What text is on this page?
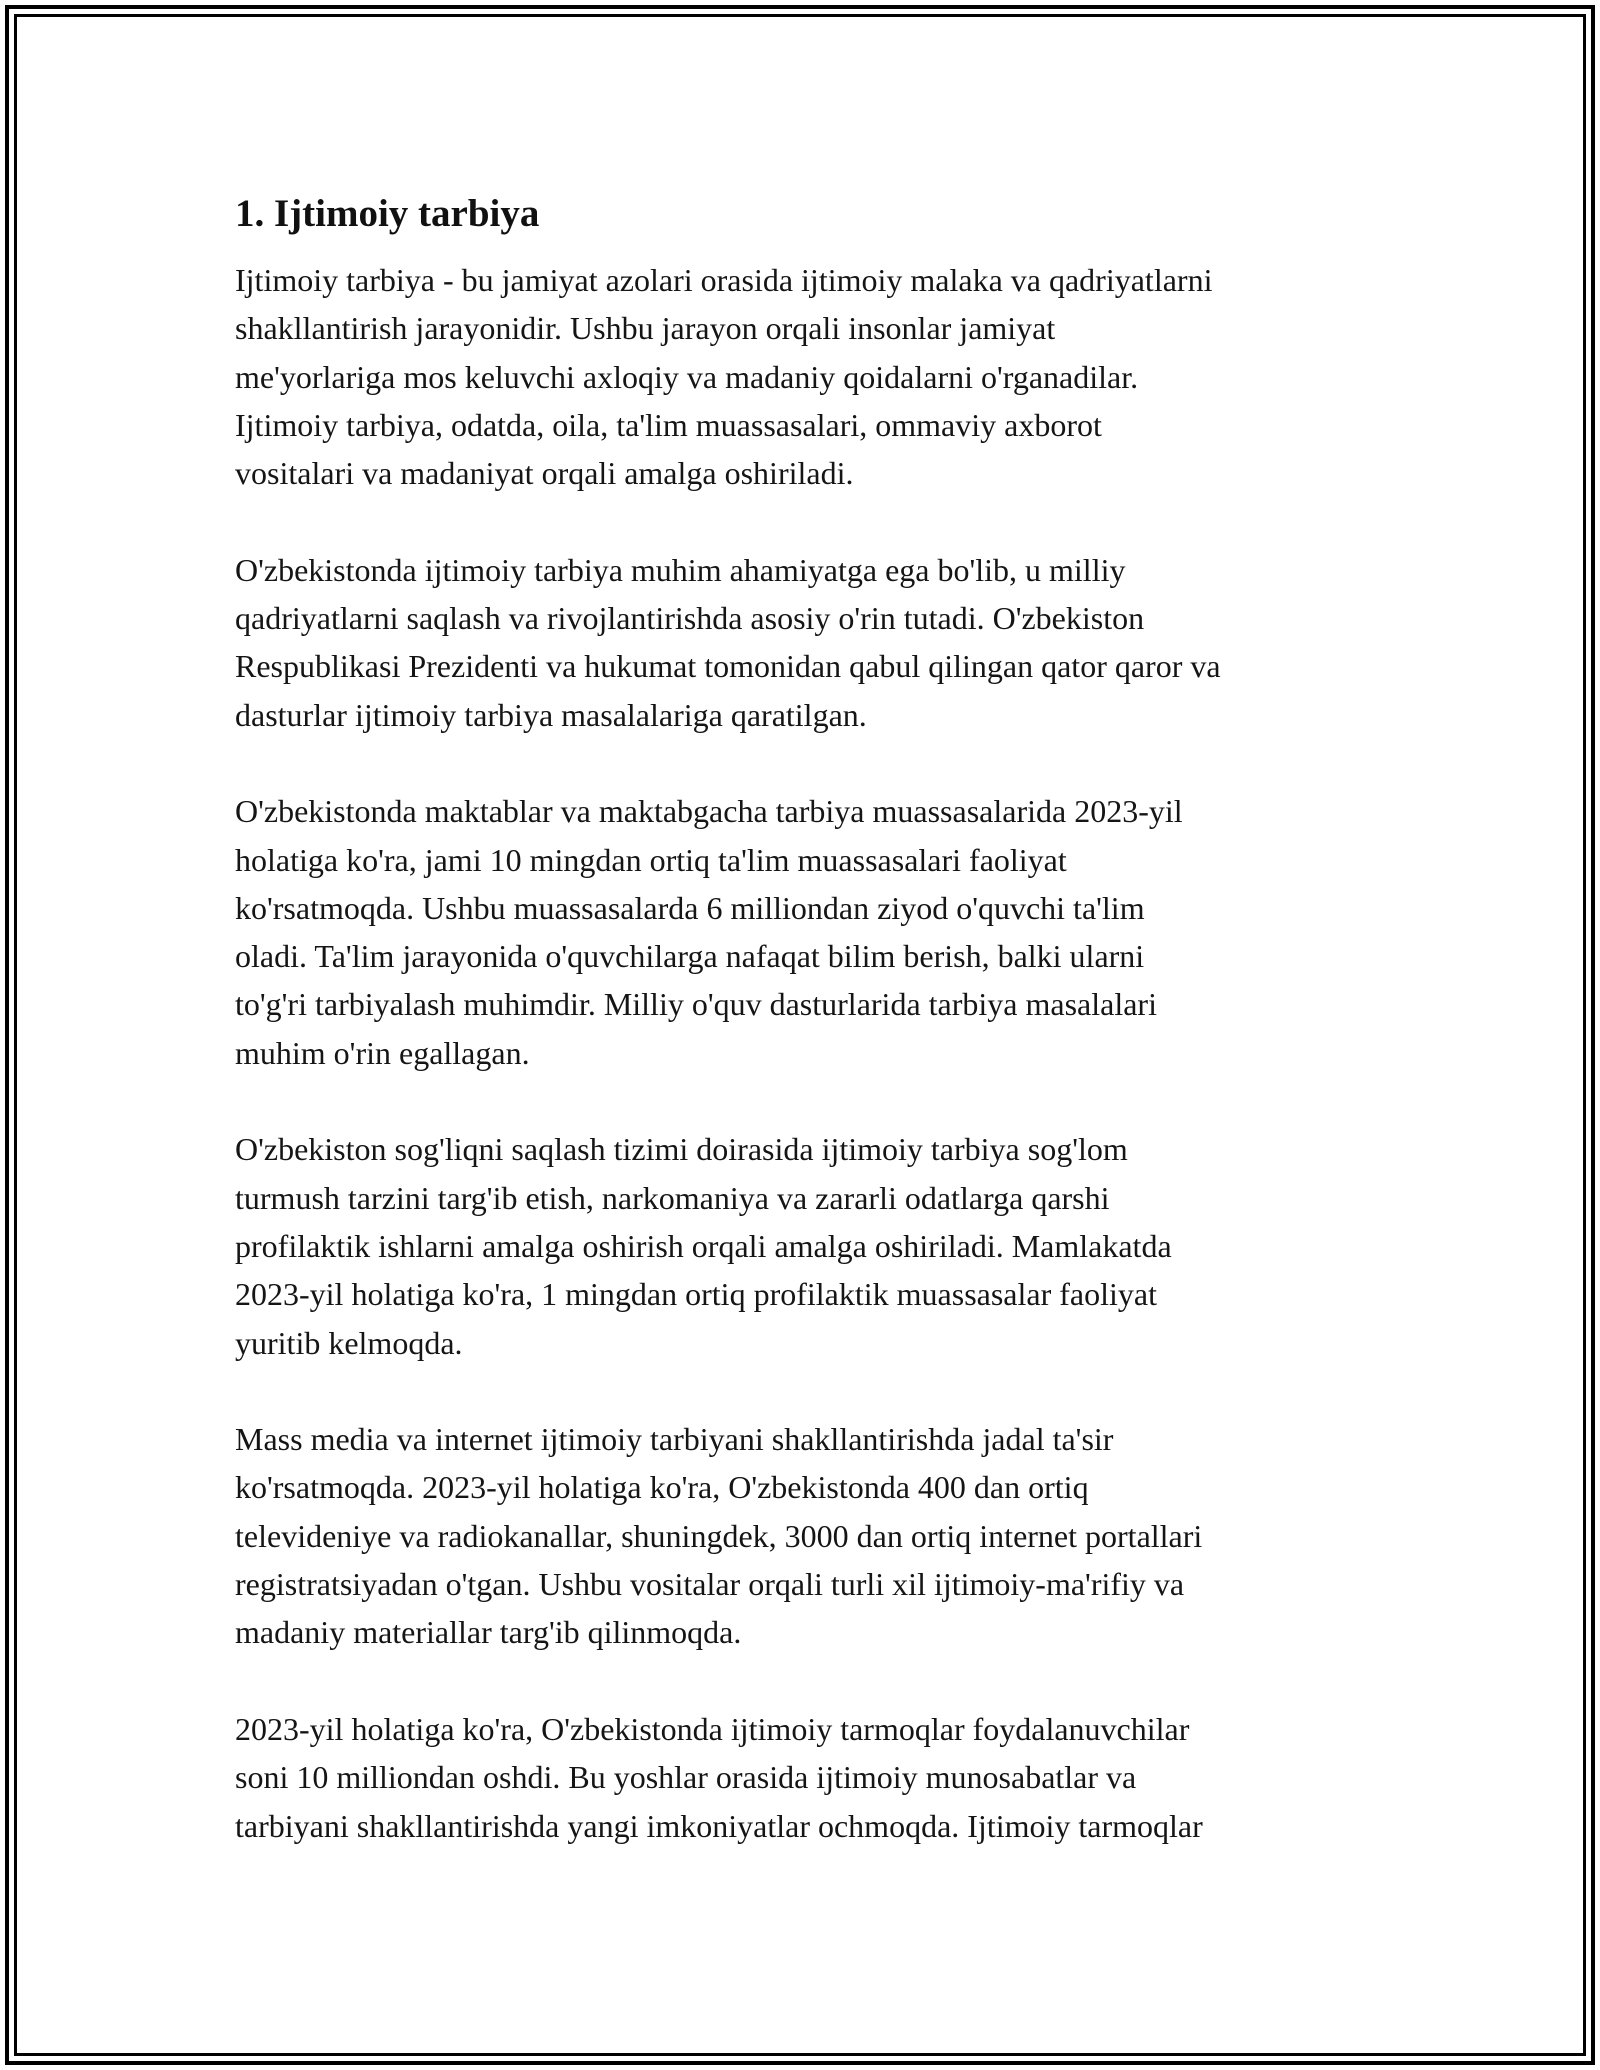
1. Ijtimoiy tarbiya
Ijtimoiy tarbiya - bu jamiyat azolari orasida ijtimoiy malaka va qadriyatlarni
shakllantirish jarayonidir. Ushbu jarayon orqali insonlar jamiyat
me'yorlariga mos keluvchi axloqiy va madaniy qoidalarni o'rganadilar.
Ijtimoiy tarbiya, odatda, oila, ta'lim muassasalari, ommaviy axborot
vositalari va madaniyat orqali amalga oshiriladi.
O'zbekistonda ijtimoiy tarbiya muhim ahamiyatga ega bo'lib, u milliy
qadriyatlarni saqlash va rivojlantirishda asosiy o'rin tutadi. O'zbekiston
Respublikasi Prezidenti va hukumat tomonidan qabul qilingan qator qaror va
dasturlar ijtimoiy tarbiya masalalariga qaratilgan.
O'zbekistonda maktablar va maktabgacha tarbiya muassasalarida 2023-yil
holatiga ko'ra, jami 10 mingdan ortiq ta'lim muassasalari faoliyat
ko'rsatmoqda. Ushbu muassasalarda 6 milliondan ziyod o'quvchi ta'lim
oladi. Ta'lim jarayonida o'quvchilarga nafaqat bilim berish, balki ularni
to'g'ri tarbiyalash muhimdir. Milliy o'quv dasturlarida tarbiya masalalari
muhim o'rin egallagan.
O'zbekiston sog'liqni saqlash tizimi doirasida ijtimoiy tarbiya sog'lom
turmush tarzini targ'ib etish, narkomaniya va zararli odatlarga qarshi
profilaktik ishlarni amalga oshirish orqali amalga oshiriladi. Mamlakatda
2023-yil holatiga ko'ra, 1 mingdan ortiq profilaktik muassasalar faoliyat
yuritib kelmoqda.
Mass media va internet ijtimoiy tarbiyani shakllantirishda jadal ta'sir
ko'rsatmoqda. 2023-yil holatiga ko'ra, O'zbekistonda 400 dan ortiq
televideniye va radiokanallar, shuningdek, 3000 dan ortiq internet portallari
registratsiyadan o'tgan. Ushbu vositalar orqali turli xil ijtimoiy-ma'rifiy va
madaniy materiallar targ'ib qilinmoqda.
2023-yil holatiga ko'ra, O'zbekistonda ijtimoiy tarmoqlar foydalanuvchilar
soni 10 milliondan oshdi. Bu yoshlar orasida ijtimoiy munosabatlar va
tarbiyani shakllantirishda yangi imkoniyatlar ochmoqda. Ijtimoiy tarmoqlar
